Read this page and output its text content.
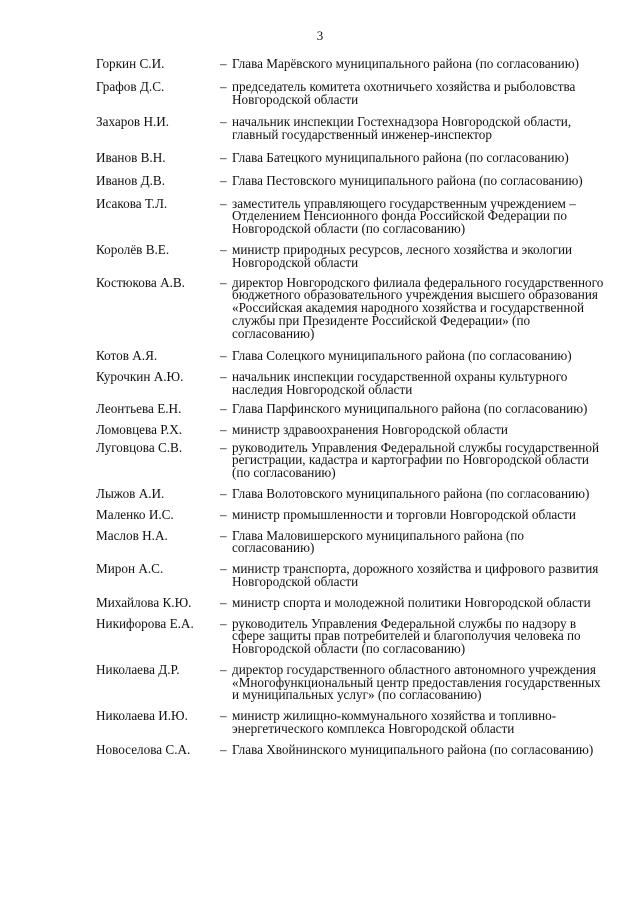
3
Горкин С.И.	– Глава Марёвского муниципального района (по согласованию)
Графов Д.С.	– председатель комитета охотничьего хозяйства и рыболовства Новгородской области
Захаров Н.И.	– начальник инспекции Гостехнадзора Новгородской области, главный государственный инженер-инспектор
Иванов В.Н.	– Глава Батецкого муниципального района (по согласованию)
Иванов Д.В.	– Глава Пестовского муниципального района (по согласованию)
Исакова Т.Л.	– заместитель управляющего государственным учреждением – Отделением Пенсионного фонда Российской Федерации по Новгородской области (по согласованию)
Королёв В.Е.	– министр природных ресурсов, лесного хозяйства и экологии Новгородской области
Костюкова А.В.	– директор Новгородского филиала федерального государственного бюджетного образовательного учреждения высшего образования «Российская академия народного хозяйства и государственной службы при Президенте Российской Федерации» (по согласованию)
Котов А.Я.	– Глава Солецкого муниципального района (по согласованию)
Курочкин А.Ю.	– начальник инспекции государственной охраны культурного наследия Новгородской области
Леонтьева Е.Н.	– Глава Парфинского муниципального района (по согласованию)
Ломовцева Р.Х.	– министр здравоохранения Новгородской области
Луговцова С.В.	– руководитель Управления Федеральной службы государственной регистрации, кадастра и картографии по Новгородской области (по согласованию)
Лыжов А.И.	– Глава Волотовского муниципального района (по согласованию)
Маленко И.С.	– министр промышленности и торговли Новгородской области
Маслов Н.А.	– Глава Маловишерского муниципального района (по согласованию)
Мирон А.С.	– министр транспорта, дорожного хозяйства и цифрового развития Новгородской области
Михайлова К.Ю.	– министр спорта и молодежной политики Новгородской области
Никифорова Е.А.	– руководитель Управления Федеральной службы по надзору в сфере защиты прав потребителей и благополучия человека по Новгородской области (по согласованию)
Николаева Д.Р.	– директор государственного областного автономного учреждения «Многофункциональный центр предоставления государственных и муниципальных услуг» (по согласованию)
Николаева И.Ю.	– министр жилищно-коммунального хозяйства и топливно-энергетического комплекса Новгородской области
Новоселова С.А.	– Глава Хвойнинского муниципального района (по согласованию)
